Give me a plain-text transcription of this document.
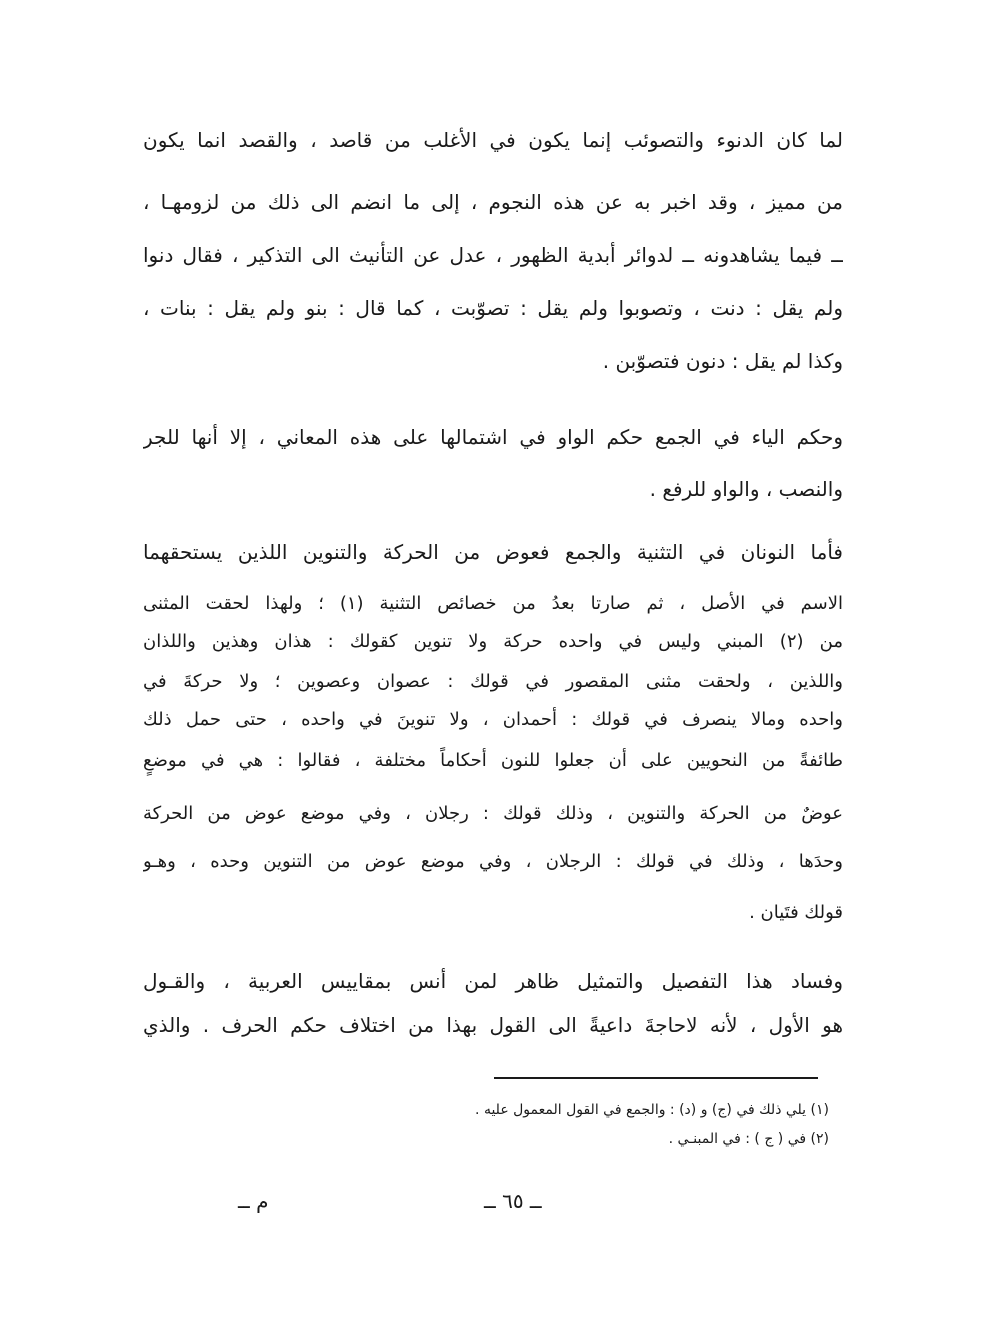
لما كان الدنوء والتصوئب إنما يكون في الأغلب من قاصد ، والقصد انما يكون
من مميز ، وقد اخبر به عن هذه النجوم ، إلى ما انضم الى ذلك من لزومهـا ،
ــ فيما يشاهدونه ــ لدوائر أبدية الظهور ، عدل عن التأنيث الى التذكير ، فقال دنوا
ولم يقل : دنت ، وتصوبوا ولم يقل : تصوّبت ، كما قال : بنو ولم يقل : بنات ،
وكذا لم يقل : دنون فتصوّبن .
وحكم الياء في الجمع حكم الواو في اشتمالها على هذه المعاني ، إلا أنها للجر
والنصب ، والواو للرفع .
فأما النونان في التثنية والجمع فعوض من الحركة والتنوين اللذين يستحقهما
الاسم في الأصل ، ثم صارتا بعدُ من خصائص التثنية (١) ؛ ولهذا لحقت المثنى
من (٢) المبني وليس في واحده حركة ولا تنوين كقولك : هذان وهذين واللذان
واللذين ، ولحقت مثنى المقصور في قولك : عصوان وعصوين ؛ ولا حركةَ في
واحده ومالا ينصرف في قولك : أحمدان ، ولا تنوينَ في واحده ، حتى حمل ذلك
طائفةً من النحويين على أن جعلوا للنون أحكاماً مختلفة ، فقالوا : هي في موضعٍ
عوضٌ من الحركة والتنوين ، وذلك قولك : رجلان ، وفي موضع عوض من الحركة
وحدَها ، وذلك في قولك : الرجلان ، وفي موضع عوض من التنوين وحده ، وهـو
قولك فتَيان .
وفساد هذا التفصيل والتمثيل ظاهر لمن أنس بمقاييس العربية ، والقـول
هو الأول ، لأنه لاحاجةَ داعيةً الى القول بهذا من اختلاف حكم الحرف . والذي
(١) يلي ذلك في (ج) و (د) : والجمع في القول المعمول عليه .
(٢) في ( ج ) : في المبنـي .
ــ ٦٥ ــ
م ــ
